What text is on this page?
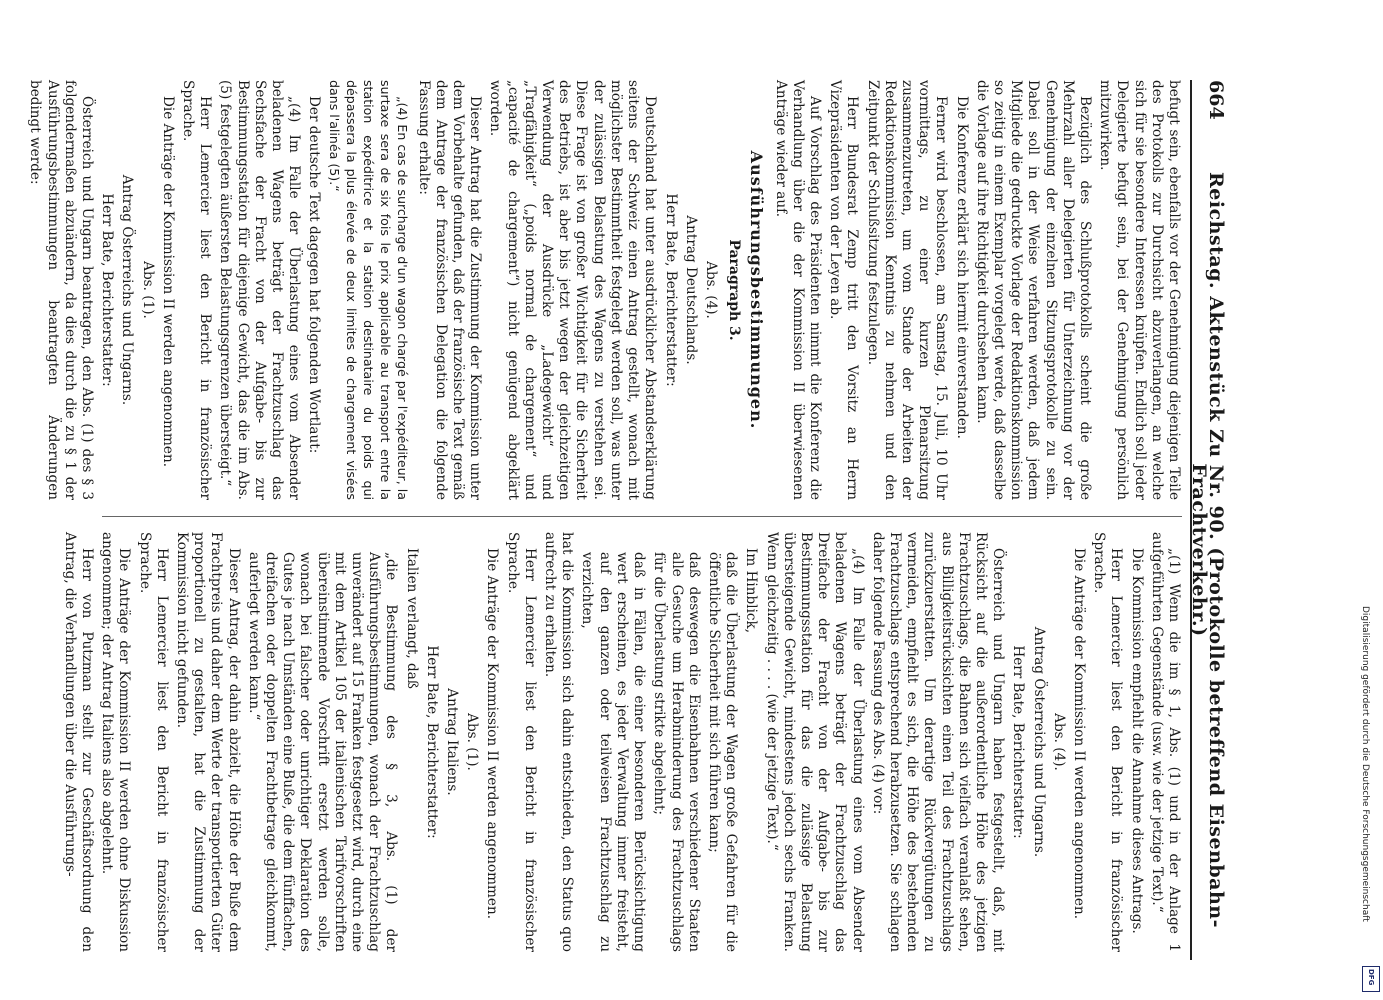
664
Reichstag. Aktenstück Zu Nr. 90. (Protokolle betreffend Eisenbahn-Frachtverkehr.)

befugt sein, ebenfalls vor der Genehmigung diejenigen Teile des Protokolls zur Durchsicht abzuverlangen, an welche sich für sie besondere Interessen knüpfen. Endlich soll jeder Delegierte befugt sein, bei der Genehmigung persönlich mitzuwirken.

Bezüglich des Schlußprotokolls scheint die große Mehrzahl aller Delegierten für Unterzeichnung vor der Genehmigung der einzelnen Sitzungsprotokolle zu sein. Dabei soll in der Weise verfahren werden, daß jedem Mitgliede die gedruckte Vorlage der Redaktionskommission so zeitig in einem Exemplar vorgelegt werde, daß dasselbe die Vorlage auf ihre Richtigkeit durchsehen kann.

Die Konferenz erklärt sich hiermit einverstanden.

Ferner wird beschlossen, am Samstag, 15. Juli, 10 Uhr vormittags, zu einer kurzen Plenarsitzung zusammenzutreten, um vom Stande der Arbeiten der Redaktionskommission Kenntnis zu nehmen und den Zeitpunkt der Schlußsitzung festzulegen.

Herr Bundesrat Zemp tritt den Vorsitz an Herrn Vizepräsidenten von der Leyen ab.

Auf Vorschlag des Präsidenten nimmt die Konferenz die Verhandlung über die der Kommission II überwiesenen Anträge wieder auf.

Ausführungsbestimmungen.
Paragraph 3.

Abs. (4).

Antrag Deutschlands.

Herr Bate, Berichterstatter:

Deutschland hat unter ausdrücklicher Abstandserklärung seitens der Schweiz einen Antrag gestellt, wonach mit möglichster Bestimmtheit festgelegt werden soll, was unter der zulässigen Belastung des Wagens zu verstehen sei. Diese Frage ist von großer Wichtigkeit für die Sicherheit des Betriebs, ist aber bis jetzt wegen der gleichzeitigen Verwendung der Ausdrücke „Ladegewicht“ und „Tragfähigkeit“ („poids normal de chargement“ und „capacité de chargement“) nicht genügend abgeklärt worden.

Dieser Antrag hat die Zustimmung der Kommission unter dem Vorbehalte gefunden, daß der französische Text gemäß dem Antrage der französischen Delegation die folgende Fassung erhalte:

„(4) En cas de surcharge d'un wagon chargé par l'expéditeur, la surtaxe sera de six fois le prix applicable au transport entre la station expéditrice et la station destinataire du poids qui dépassera la plus élevée de deux limites de chargement visées dans l'alinéa (5).“

Der deutsche Text dagegen hat folgenden Wortlaut:

„(4) Im Falle der Überlastung eines vom Absender beladenen Wagens beträgt der Frachtzuschlag das Sechsfache der Fracht von der Aufgabe- bis zur Bestimmungsstation für diejenige Gewicht, das die im Abs. (5) festgelegten äußersten Belastungsgrenzen übersteigt.“

Herr Lemercier liest den Bericht in französischer Sprache.

Die Anträge der Kommission II werden angenommen.

Abs. (1).

Antrag Österreichs und Ungarns.

Herr Bate, Berichterstatter:

Österreich und Ungarn beantragen, den Abs. (1) des § 3 folgendermaßen abzuändern, da dies durch die zu § 1 der Ausführungsbestimmungen beantragten Änderungen bedingt werde:

„(1) Wenn die im § 1, Abs. (1) und in der Anlage 1 aufgeführten Gegenstände (usw. wie der jetzige Text).“

Die Kommission empfiehlt die Annahme dieses Antrags.

Herr Lemercier liest den Bericht in französischer Sprache.

Die Anträge der Kommission II werden angenommen.

Abs. (4).

Antrag Österreichs und Ungarns.

Herr Bate, Berichterstatter:

Österreich und Ungarn haben festgestellt, daß, mit Rücksicht auf die außerordentliche Höhe des jetzigen Frachtzuschlags, die Bahnen sich vielfach veranlaßt sehen, aus Billigkeitsrücksichten einen Teil des Frachtzuschlags zurückzuerstatten. Um derartige Rückvergütungen zu vermeiden, empfiehlt es sich, die Höhe des bestehenden Frachtzuschlags entsprechend herabzusetzen. Sie schlagen daher folgende Fassung des Abs. (4) vor:

„(4) Im Falle der Überlastung eines vom Absender beladenen Wagens beträgt der Frachtzuschlag das Dreifache der Fracht von der Aufgabe- bis zur Bestimmungsstation für das die zulässige Belastung übersteigende Gewicht, mindestens jedoch sechs Franken. Wenn gleichzeitig . . . . (wie der jetzige Text).“

Im Hinblick,

daß die Überlastung der Wagen große Gefahren für die öffentliche Sicherheit mit sich führen kann;

daß deswegen die Eisenbahnen verschiedener Staaten alle Gesuche um Herabminderung des Frachtzuschlags für die Überlastung strikte abgelehnt;

daß in Fällen, die einer besonderen Berücksichtigung wert erscheinen, es jeder Verwaltung immer freisteht, auf den ganzen oder teilweisen Frachtzuschlag zu verzichten,

hat die Kommission sich dahin entschieden, den Status quo aufrecht zu erhalten.

Herr Lemercier liest den Bericht in französischer Sprache.

Die Anträge der Kommission II werden angenommen.

Abs. (1).

Antrag Italiens.

Herr Bate, Berichterstatter:

Italien verlangt, daß

„die Bestimmung des § 3, Abs. (1) der Ausführungsbestimmungen, wonach der Frachtzuschlag unverändert auf 15 Franken festgesetzt wird, durch eine mit dem Artikel 105 der italienischen Tarifvorschriften übereinstimmende Vorschrift ersetzt werden solle, wonach bei falscher oder unrichtiger Deklaration des Gutes je nach Umständen eine Buße, die dem fünffachen, dreifachen oder doppelten Frachtbetrage gleichkommt, auferlegt werden kann.“

Dieser Antrag, der dahin abzielt, die Höhe der Buße dem Frachtpreis und daher dem Werte der transportierten Güter proportionell zu gestalten, hat die Zustimmung der Kommission nicht gefunden.

Herr Lemercier liest den Bericht in französischer Sprache.

Die Anträge der Kommission II werden ohne Diskussion angenommen; der Antrag Italiens also abgelehnt.

Herr von Putzman stellt zur Geschäftsordnung den Antrag, die Verhandlungen über die Ausführungs-	Digitalisierung gefördert durch die Deutsche Forschungsgemeinschaft
DFG
